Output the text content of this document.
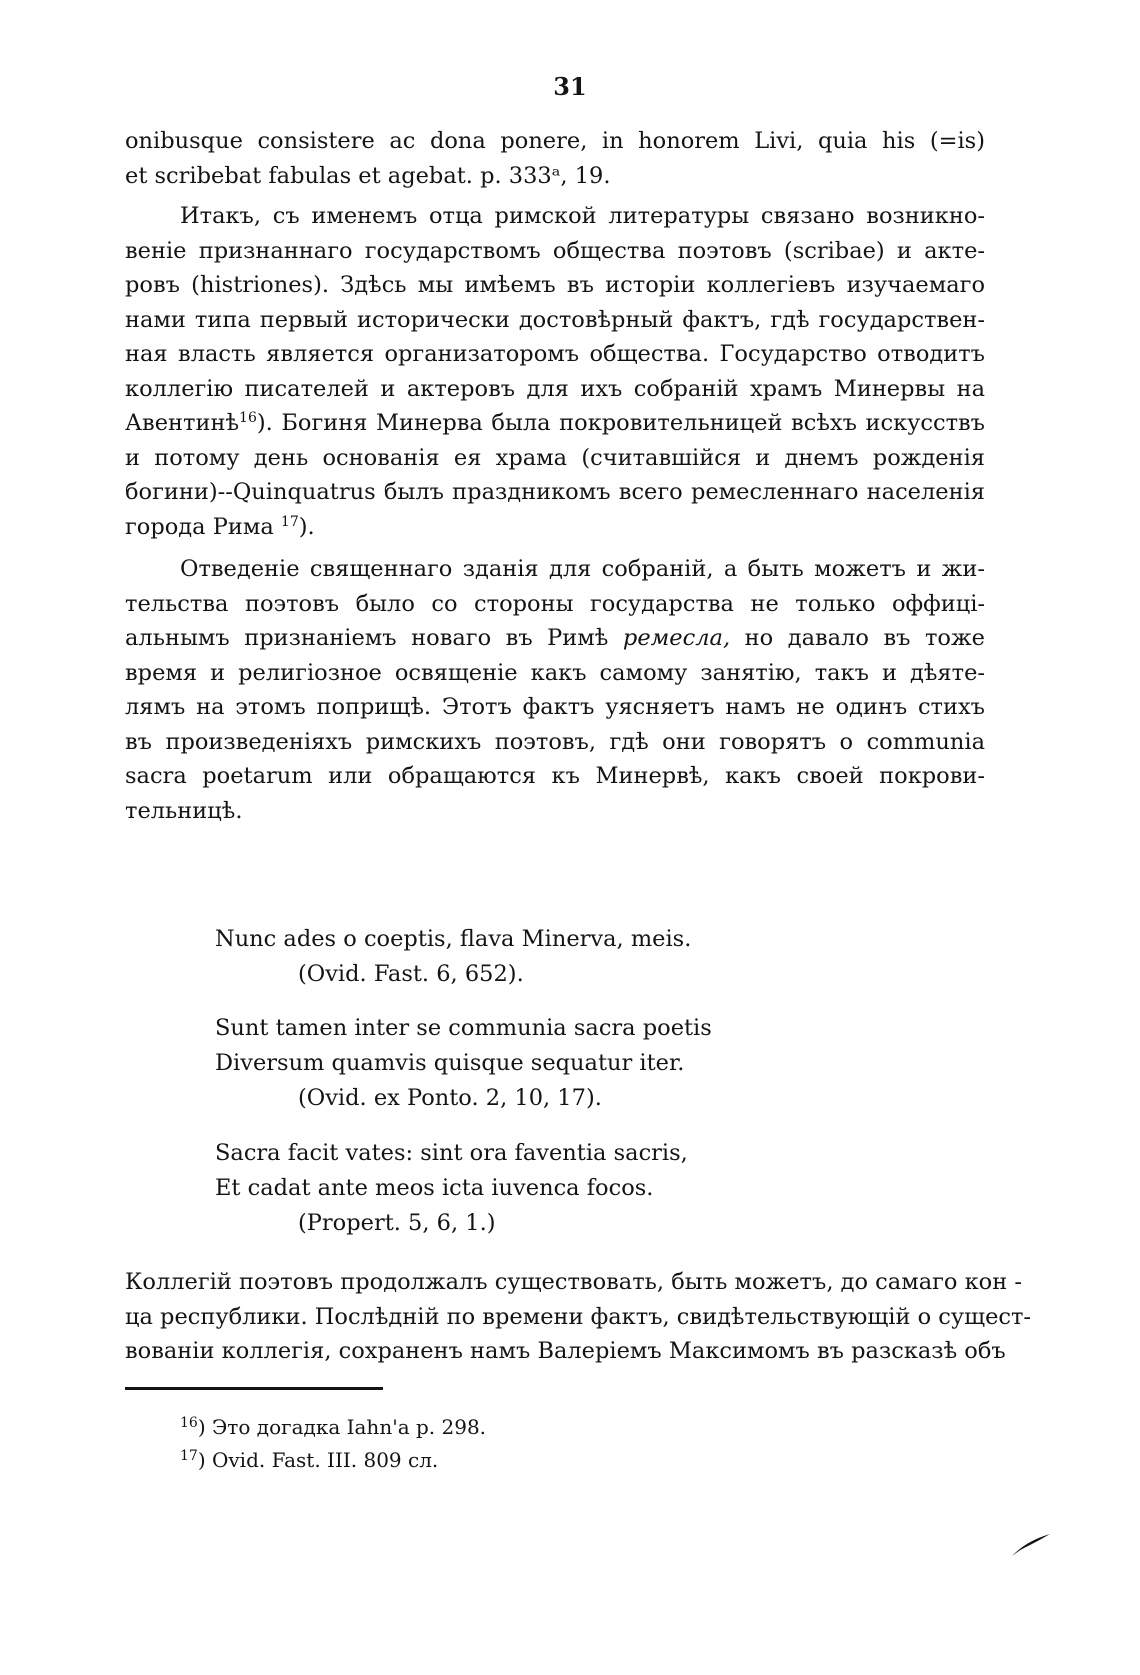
31
onibusque consistere ac dona ponere, in honorem Livi, quia his (=is)
et scribebat fabulas et agebat. p. 333ᵃ, 19.
Итакъ, съ именемъ отца римской литературы связано возникно-
веніе признаннаго государствомъ общества поэтовъ (scribae) и акте-
ровъ (histriones). Здѣсь мы имѣемъ въ исторіи коллегіевъ изучаемаго
нами типа первый исторически достовѣрный фактъ, гдѣ государствен-
ная власть является организаторомъ общества. Государство отводитъ
коллегію писателей и актеровъ для ихъ собраній храмъ Минервы на
Авентинѣ$^{16}$). Богиня Минерва была покровительницей всѣхъ искусствъ
и потому день основанія ея храма (считавшійся и днемъ рожденія
богини)--Quinquatrus былъ праздникомъ всего ремесленнаго населенія
города Рима $^{17}$).
Отведеніе священнаго зданія для собраній, а быть можетъ и жи-
тельства поэтовъ было со стороны государства не только оффиці-
альнымъ признаніемъ новаго въ Римѣ ремесла, но давало въ тоже
время и религіозное освященіе какъ самому занятію, такъ и дѣяте-
лямъ на этомъ поприщѣ. Этотъ фактъ уясняетъ намъ не одинъ стихъ
въ произведеніяхъ римскихъ поэтовъ, гдѣ они говорятъ о communia
sacra poetarum или обращаются къ Минервѣ, какъ своей покрови-
тельницѣ.
Nunc ades o coeptis, flava Minerva, meis.
(Ovid. Fast. 6, 652).
Sunt tamen inter se communia sacra poetis
Diversum quamvis quisque sequatur iter.
(Ovid. ex Ponto. 2, 10, 17).
Sacra facit vates: sint ora faventia sacris,
Et cadat ante meos icta iuvenca focos.
(Propert. 5, 6, 1.)
Коллегій поэтовъ продолжалъ существовать, быть можетъ, до самаго кон -
ца республики. Послѣдній по времени фактъ, свидѣтельствующій о сущест-
вованіи коллегія, сохраненъ намъ Валеріемъ Максимомъ въ разсказѣ объ
$^{16}$) Это догадка Iahn'a p. 298.
$^{17}$) Ovid. Fast. III. 809 сл.
